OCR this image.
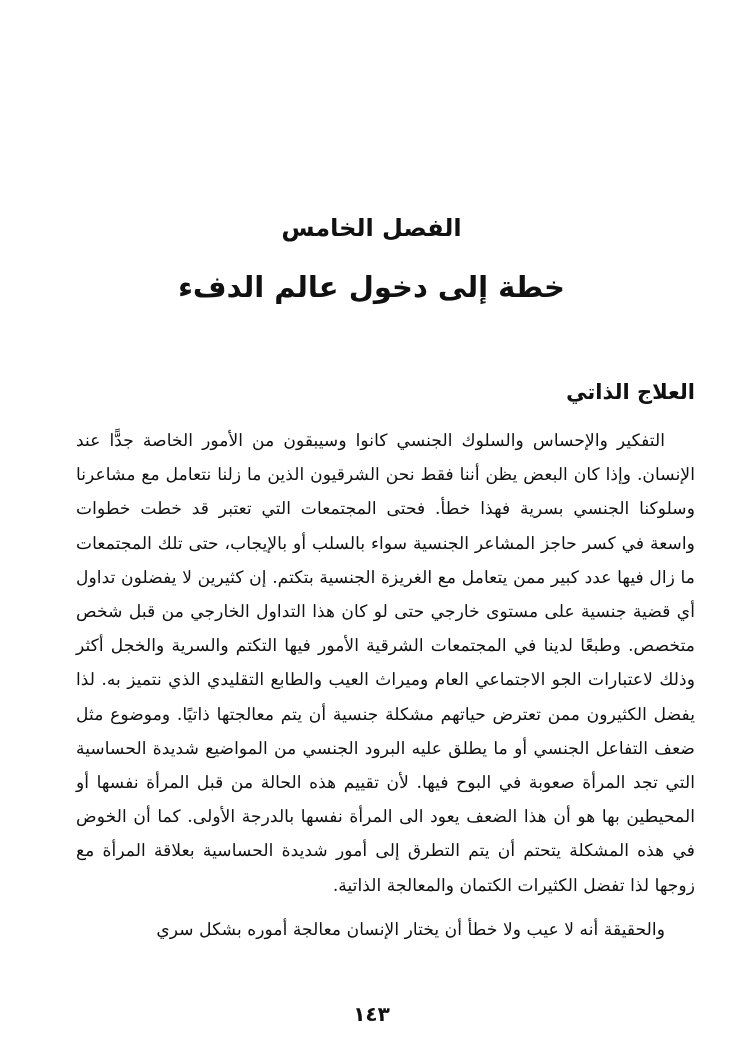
الفصل الخامس
خطة إلى دخول عالم الدفء
العلاج الذاتي

التفكير والإحساس والسلوك الجنسي كانوا وسيبقون من الأمور الخاصة جدًّا عند الإنسان. وإذا كان البعض يظن أننا فقط نحن الشرقيون الذين ما زلنا نتعامل مع مشاعرنا وسلوكنا الجنسي بسرية فهذا خطأ. فحتى المجتمعات التي تعتبر قد خطت خطوات واسعة في كسر حاجز المشاعر الجنسية سواء بالسلب أو بالإيجاب، حتى تلك المجتمعات ما زال فيها عدد كبير ممن يتعامل مع الغريزة الجنسية بتكتم. إن كثيرين لا يفضلون تداول أي قضية جنسية على مستوى خارجي حتى لو كان هذا التداول الخارجي من قبل شخص متخصص. وطبعًا لدينا في المجتمعات الشرقية الأمور فيها التكتم والسرية والخجل أكثر وذلك لاعتبارات الجو الاجتماعي العام وميراث العيب والطابع التقليدي الذي نتميز به. لذا يفضل الكثيرون ممن تعترض حياتهم مشكلة جنسية أن يتم معالجتها ذاتيًا. وموضوع مثل ضعف التفاعل الجنسي أو ما يطلق عليه البرود الجنسي من المواضيع شديدة الحساسية التي تجد المرأة صعوبة في البوح فيها. لأن تقييم هذه الحالة من قبل المرأة نفسها أو المحيطين بها هو أن هذا الضعف يعود الى المرأة نفسها بالدرجة الأولى. كما أن الخوض في هذه المشكلة يتحتم أن يتم التطرق إلى أمور شديدة الحساسية بعلاقة المرأة مع زوجها لذا تفضل الكثيرات الكتمان والمعالجة الذاتية.

والحقيقة أنه لا عيب ولا خطأ أن يختار الإنسان معالجة أموره بشكل سري

١٤٣
